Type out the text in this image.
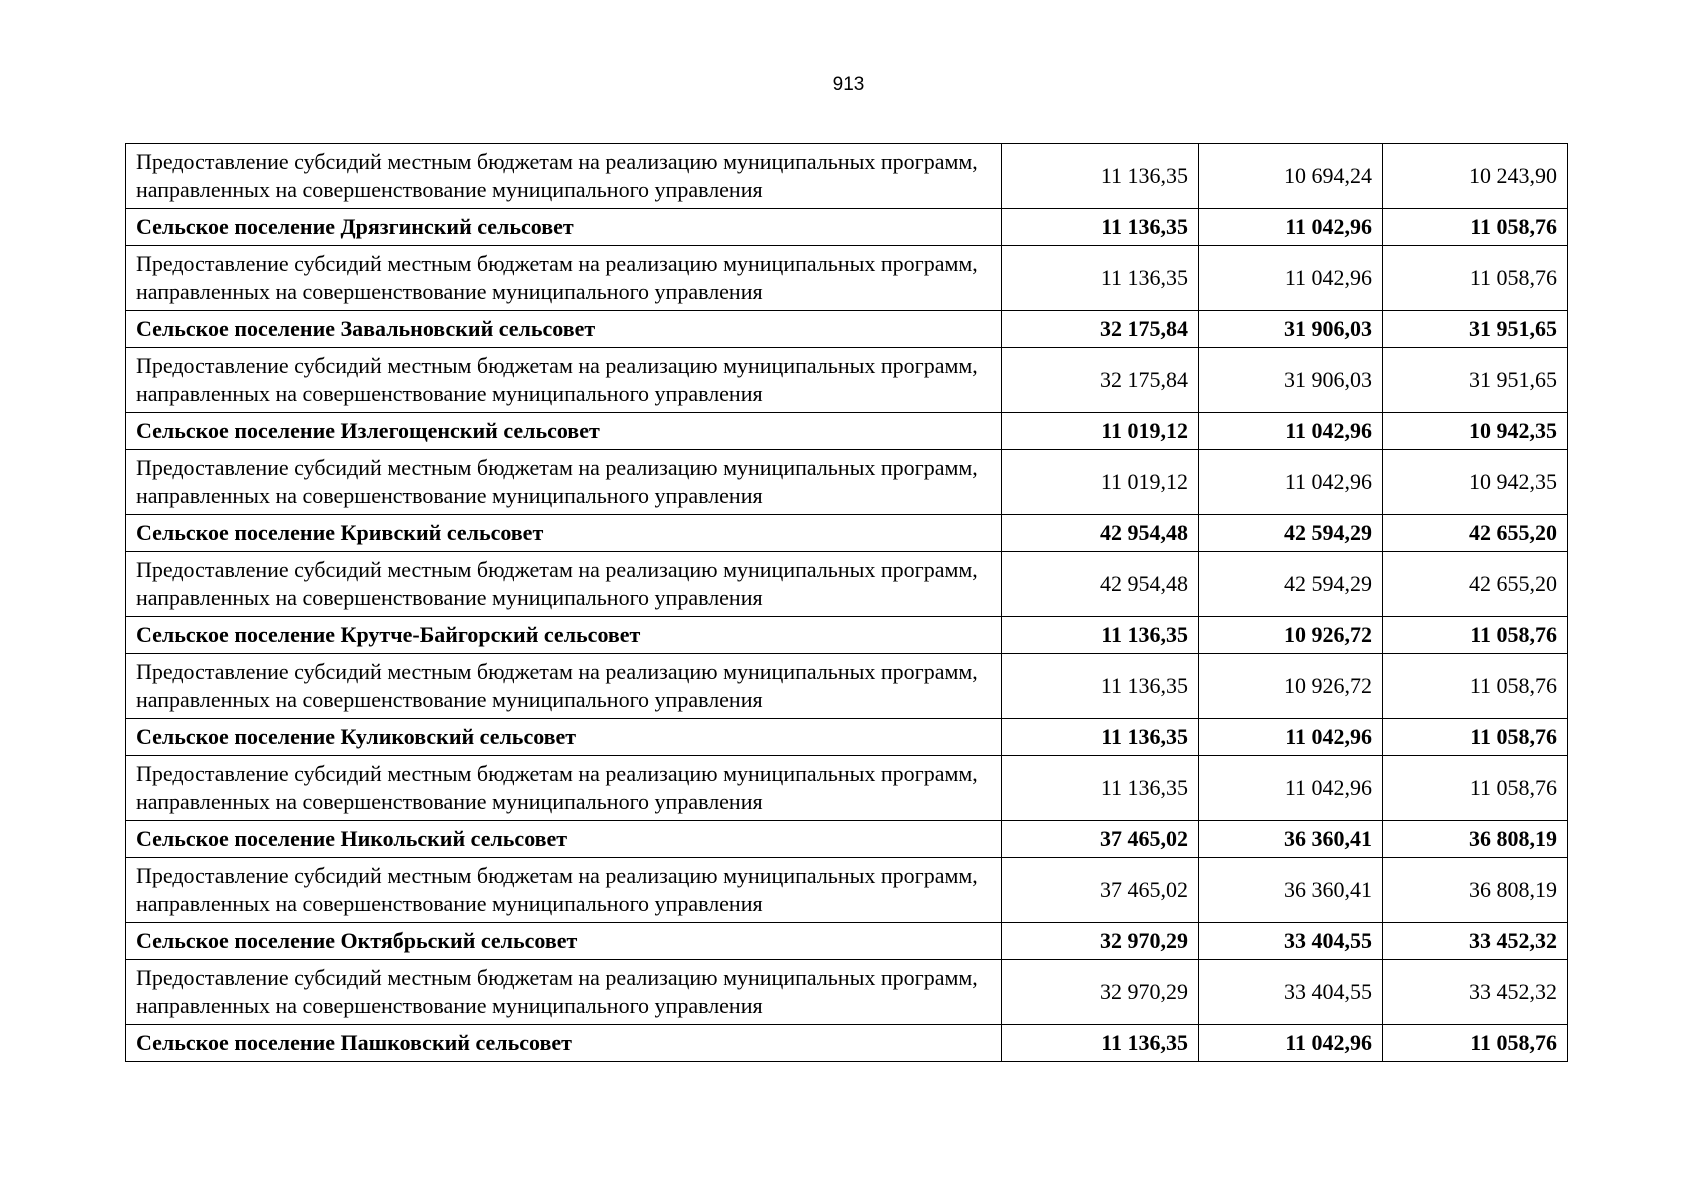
913
Предоставление субсидий местным бюджетам на реализацию муниципальных программ, направленных на совершенствование муниципального управления	11 136,35	10 694,24	10 243,90
Сельское поселение Дрязгинский сельсовет	11 136,35	11 042,96	11 058,76
Предоставление субсидий местным бюджетам на реализацию муниципальных программ, направленных на совершенствование муниципального управления	11 136,35	11 042,96	11 058,76
Сельское поселение Завальновский сельсовет	32 175,84	31 906,03	31 951,65
Предоставление субсидий местным бюджетам на реализацию муниципальных программ, направленных на совершенствование муниципального управления	32 175,84	31 906,03	31 951,65
Сельское поселение Излегощенский сельсовет	11 019,12	11 042,96	10 942,35
Предоставление субсидий местным бюджетам на реализацию муниципальных программ, направленных на совершенствование муниципального управления	11 019,12	11 042,96	10 942,35
Сельское поселение Кривский сельсовет	42 954,48	42 594,29	42 655,20
Предоставление субсидий местным бюджетам на реализацию муниципальных программ, направленных на совершенствование муниципального управления	42 954,48	42 594,29	42 655,20
Сельское поселение Крутче-Байгорский сельсовет	11 136,35	10 926,72	11 058,76
Предоставление субсидий местным бюджетам на реализацию муниципальных программ, направленных на совершенствование муниципального управления	11 136,35	10 926,72	11 058,76
Сельское поселение Куликовский сельсовет	11 136,35	11 042,96	11 058,76
Предоставление субсидий местным бюджетам на реализацию муниципальных программ, направленных на совершенствование муниципального управления	11 136,35	11 042,96	11 058,76
Сельское поселение Никольский сельсовет	37 465,02	36 360,41	36 808,19
Предоставление субсидий местным бюджетам на реализацию муниципальных программ, направленных на совершенствование муниципального управления	37 465,02	36 360,41	36 808,19
Сельское поселение Октябрьский сельсовет	32 970,29	33 404,55	33 452,32
Предоставление субсидий местным бюджетам на реализацию муниципальных программ, направленных на совершенствование муниципального управления	32 970,29	33 404,55	33 452,32
Сельское поселение Пашковский сельсовет	11 136,35	11 042,96	11 058,76
